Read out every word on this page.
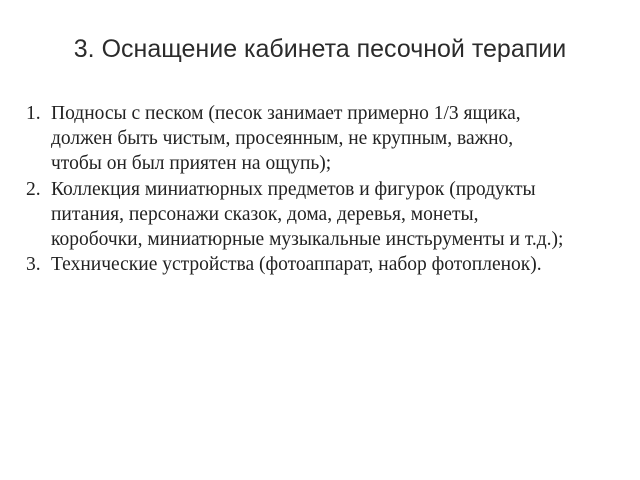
3. Оснащение кабинета песочной терапии
1. Подносы с песком (песок занимает примерно 1/3 ящика,
должен быть чистым, просеянным, не крупным, важно,
чтобы он был приятен на ощупь);
2. Коллекция миниатюрных предметов и фигурок (продукты
питания, персонажи сказок, дома, деревья, монеты,
коробочки, миниатюрные музыкальные инстьрументы и т.д.);
3. Технические устройства (фотоаппарат, набор фотопленок).
